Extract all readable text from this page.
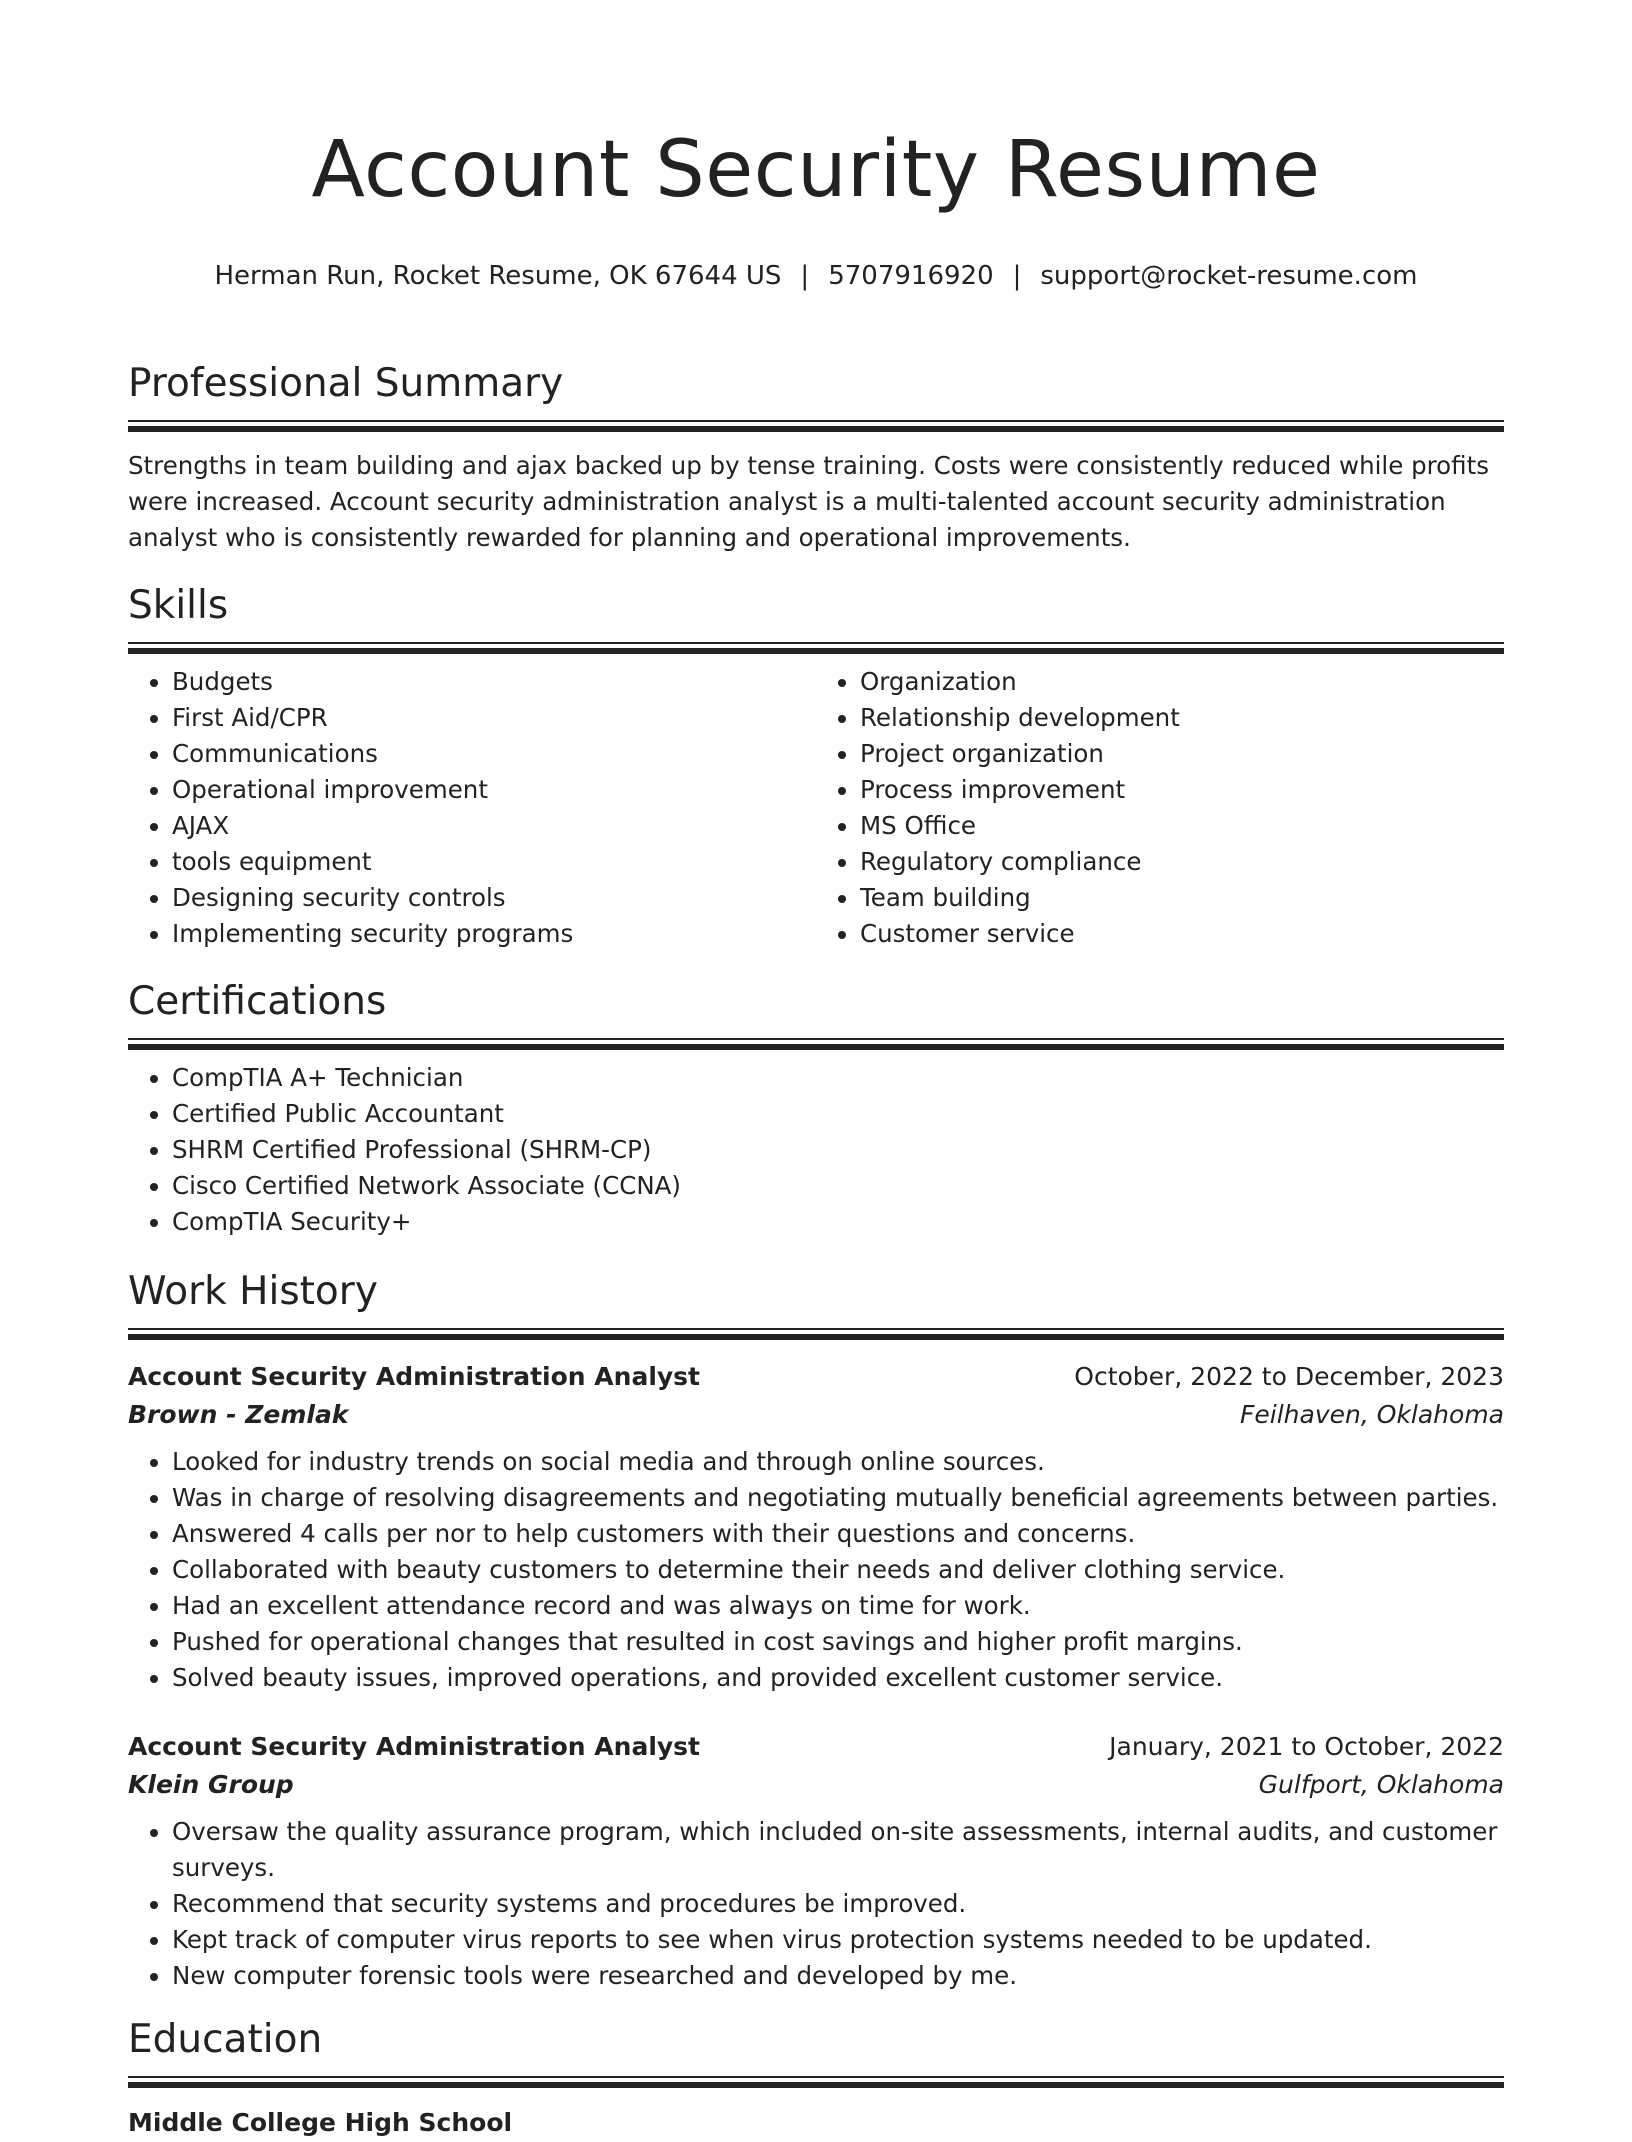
Account Security Resume
Herman Run, Rocket Resume, OK 67644 US | 5707916920 | support@rocket-resume.com
Professional Summary

Strengths in team building and ajax backed up by tense training. Costs were consistently reduced while profits were increased. Account security administration analyst is a multi-talented account security administration analyst who is consistently rewarded for planning and operational improvements.

Skills
• Budgets
• First Aid/CPR
• Communications
• Operational improvement
• AJAX
• tools equipment
• Designing security controls
• Implementing security programs
• Organization
• Relationship development
• Project organization
• Process improvement
• MS Office
• Regulatory compliance
• Team building
• Customer service
Certifications
• CompTIA A+ Technician
• Certified Public Accountant
• SHRM Certified Professional (SHRM-CP)
• Cisco Certified Network Associate (CCNA)
• CompTIA Security+
Work History
Account Security Administration Analyst	October, 2022 to December, 2023
Brown - Zemlak	Feilhaven, Oklahoma
• Looked for industry trends on social media and through online sources.
• Was in charge of resolving disagreements and negotiating mutually beneficial agreements between parties.
• Answered 4 calls per nor to help customers with their questions and concerns.
• Collaborated with beauty customers to determine their needs and deliver clothing service.
• Had an excellent attendance record and was always on time for work.
• Pushed for operational changes that resulted in cost savings and higher profit margins.
• Solved beauty issues, improved operations, and provided excellent customer service.
Account Security Administration Analyst	January, 2021 to October, 2022
Klein Group	Gulfport, Oklahoma
• Oversaw the quality assurance program, which included on-site assessments, internal audits, and customer surveys.
• Recommend that security systems and procedures be improved.
• Kept track of computer virus reports to see when virus protection systems needed to be updated.
• New computer forensic tools were researched and developed by me.
Education
Middle College High School
